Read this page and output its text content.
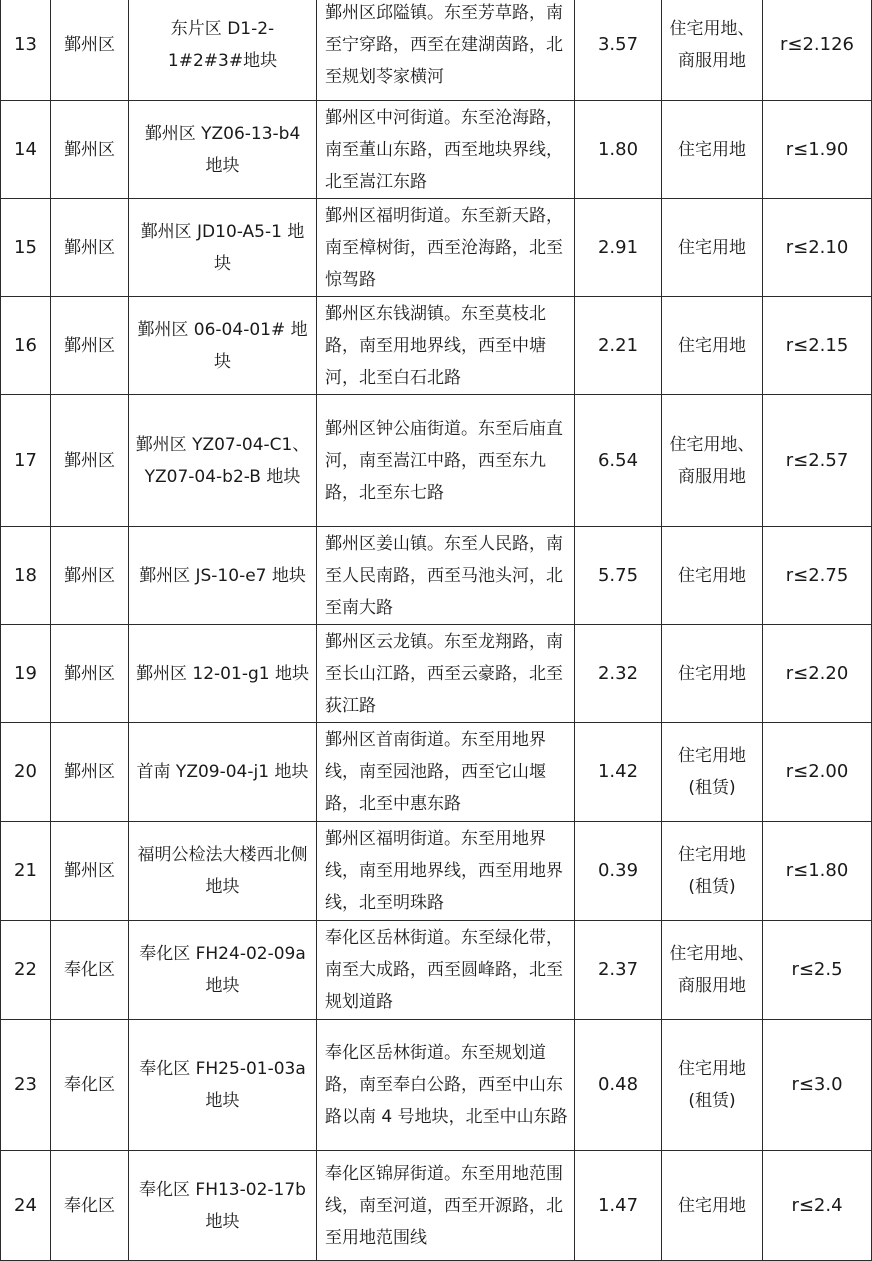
13	鄞州区	东片区 D1-2-1#2#3#地块	鄞州区邱隘镇。东至芳草路，南至宁穿路，西至在建湖茵路，北至规划苓家横河	3.57	住宅用地、商服用地	r≤2.126
14	鄞州区	鄞州区 YZ06-13-b4 地块	鄞州区中河街道。东至沧海路，南至董山东路，西至地块界线，北至嵩江东路	1.80	住宅用地	r≤1.90
15	鄞州区	鄞州区 JD10-A5-1 地块	鄞州区福明街道。东至新天路，南至樟树街，西至沧海路，北至惊驾路	2.91	住宅用地	r≤2.10
16	鄞州区	鄞州区 06-04-01# 地块	鄞州区东钱湖镇。东至莫枝北路，南至用地界线，西至中塘河，北至白石北路	2.21	住宅用地	r≤2.15
17	鄞州区	鄞州区 YZ07-04-C1、YZ07-04-b2-B 地块	鄞州区钟公庙街道。东至后庙直河，南至嵩江中路，西至东九路，北至东七路	6.54	住宅用地、商服用地	r≤2.57
18	鄞州区	鄞州区 JS-10-e7 地块	鄞州区姜山镇。东至人民路，南至人民南路，西至马池头河，北至南大路	5.75	住宅用地	r≤2.75
19	鄞州区	鄞州区 12-01-g1 地块	鄞州区云龙镇。东至龙翔路，南至长山江路，西至云豪路，北至荻江路	2.32	住宅用地	r≤2.20
20	鄞州区	首南 YZ09-04-j1 地块	鄞州区首南街道。东至用地界线，南至园池路，西至它山堰路，北至中惠东路	1.42	住宅用地(租赁)	r≤2.00
21	鄞州区	福明公检法大楼西北侧地块	鄞州区福明街道。东至用地界线，南至用地界线，西至用地界线，北至明珠路	0.39	住宅用地(租赁)	r≤1.80
22	奉化区	奉化区 FH24-02-09a 地块	奉化区岳林街道。东至绿化带，南至大成路，西至圆峰路，北至规划道路	2.37	住宅用地、商服用地	r≤2.5
23	奉化区	奉化区 FH25-01-03a 地块	奉化区岳林街道。东至规划道路，南至奉白公路，西至中山东路以南 4 号地块，北至中山东路	0.48	住宅用地(租赁)	r≤3.0
24	奉化区	奉化区 FH13-02-17b 地块	奉化区锦屏街道。东至用地范围线，南至河道，西至开源路，北至用地范围线	1.47	住宅用地	r≤2.4
